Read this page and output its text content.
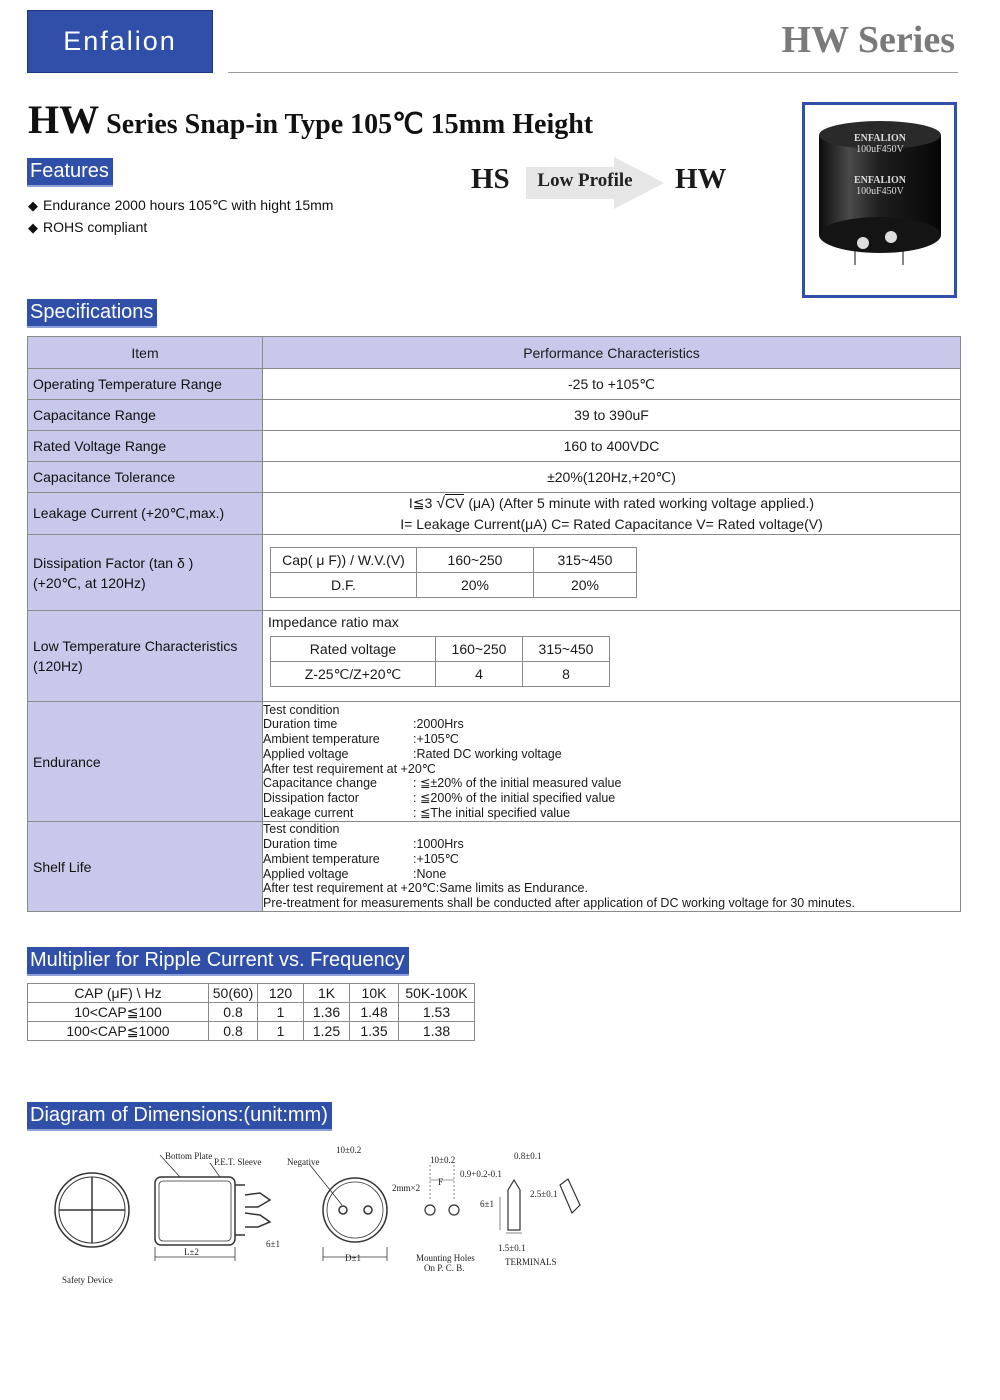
Enfalion	HW Series
HW Series Snap-in Type 105℃ 15mm Height
Features
◆ Endurance 2000 hours 105℃ with hight 15mm
◆ ROHS compliant
HS	Low Profile	HW
ENFALION
100uF450V
ENFALION
100uF450V
Specifications
Item	Performance Characteristics
Operating Temperature Range	-25 to +105℃
Capacitance Range	39 to 390uF
Rated Voltage Range	160 to 400VDC
Capacitance Tolerance	±20%(120Hz,+20℃)
Leakage Current (+20℃,max.)	
I≦3 √CV (μA) (After 5 minute with rated working voltage applied.)
I= Leakage Current(μA) C= Rated Capacitance V= Rated voltage(V)

Dissipation Factor (tan δ )
(+20℃, at 120Hz)

Cap( μ F)) / W.V.(V)	160~250	315~450
D.F.	20%	20%

Low Temperature Characteristics
(120Hz)

Impedance ratio max
Rated voltage	160~250	315~450
Z-25℃/Z+20℃	4	8

Endurance	
Test condition
Duration time	:2000Hrs
Ambient temperature	:+105℃
Applied voltage	:Rated DC working voltage
After test requirement at +20℃
Capacitance change	: ≦±20% of the initial measured value
Dissipation factor	: ≦200% of the initial specified value
Leakage current	: ≦The initial specified value

Shelf Life	
Test condition
Duration time	:1000Hrs
Ambient temperature	:+105℃
Applied voltage	:None
After test requirement at +20℃:Same limits as Endurance.
Pre-treatment for measurements shall be conducted after application of DC working voltage for 30 minutes.
Multiplier for Ripple Current vs. Frequency
CAP (μF) \ Hz	50(60)	120	1K	10K	50K-100K
10<CAP≦100	0.8	1	1.36	1.48	1.53
100<CAP≦1000	0.8	1	1.25	1.35	1.38
Diagram of Dimensions:(unit:mm)
Safety Device
Bottom Plate
P.E.T. Sleeve
L±2
6±1
Negative
10±0.2
D±1
2mm×2
10±0.2
F
Mounting Holes
On P. C. B.
0.8±0.1
0.9+0.2-0.1
2.5±0.1
6±1
1.5±0.1
TERMINALS
